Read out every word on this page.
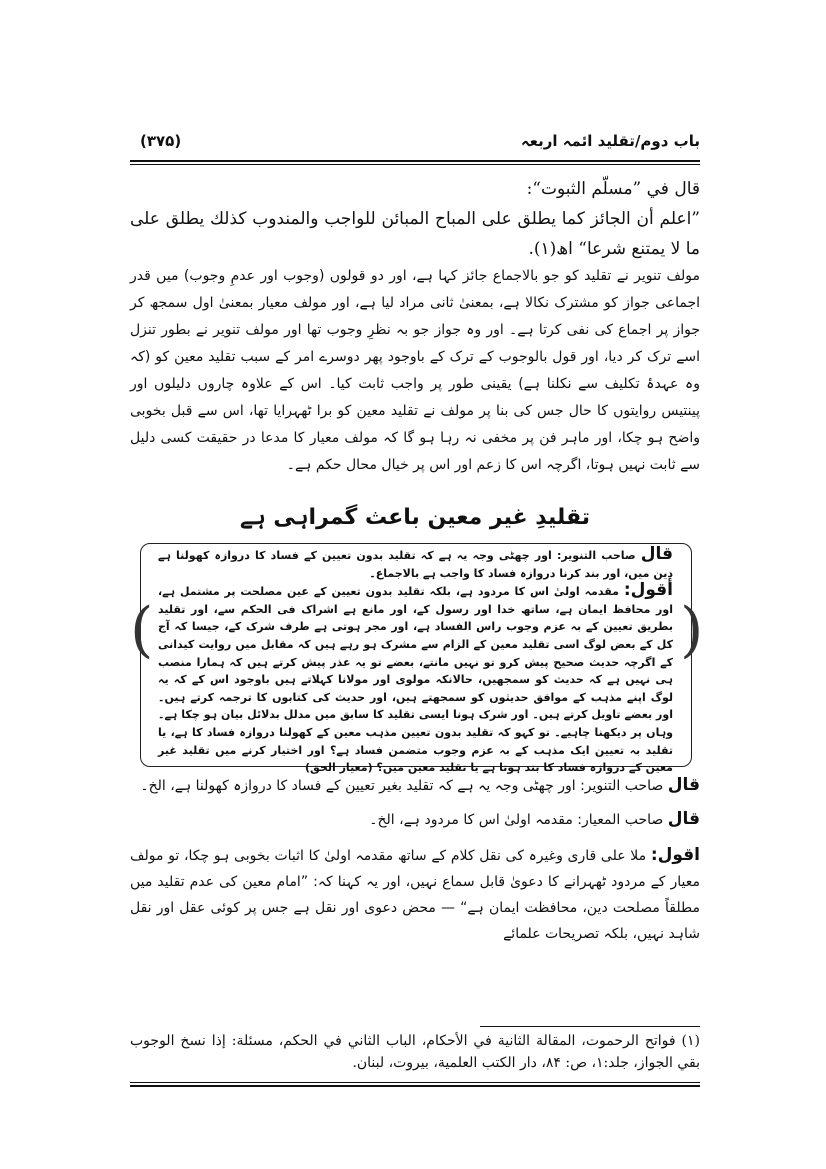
باب دوم/تقلید ائمہ اربعہ
(۳۷۵)
قال في ”مسلّم الثبوت“:
”اعلم أن الجائز كما يطلق على المباح المبائن للواجب والمندوب كذلك يطلق على ما لا يمتنع شرعا“ اھ(۱).
مولف تنویر نے تقلید کو جو بالاجماع جائز کہا ہے، اور دو قولوں (وجوب اور عدمِ وجوب) میں قدر اجماعی جواز کو مشترک نکالا ہے، بمعنیٰ ثانی مراد لیا ہے، اور مولف معیار بمعنیٰ اول سمجھ کر جواز پر اجماع کی نفی کرتا ہے۔ اور وہ جواز جو بہ نظرِ وجوب تھا اور مولف تنویر نے بطور تنزل اسے ترک کر دیا، اور قول بالوجوب کے ترک کے باوجود پھر دوسرے امر کے سبب تقلید معین کو (کہ وہ عہدۂ تکلیف سے نکلنا ہے) یقینی طور پر واجب ثابت کیا۔ اس کے علاوہ چاروں دلیلوں اور پینتیس روایتوں کا حال جس کی بنا پر مولف نے تقلید معین کو برا ٹھہرایا تھا، اس سے قبل بخوبی واضح ہو چکا، اور ماہر فن پر مخفی نہ رہا ہو گا کہ مولف معیار کا مدعا در حقیقت کسی دلیل سے ثابت نہیں ہوتا، اگرچہ اس کا زعم اور اس پر خیال محال حکم ہے۔
تقلیدِ غیر معین باعث گمراہی ہے
(	)
قال صاحب التنویر: اور چھٹی وجہ یہ ہے کہ تقلید بدون تعیین کے فساد کا دروازہ کھولنا ہے دین میں، اور بند کرنا دروازہ فساد کا واجب ہے بالاجماع۔
أقول: مقدمہ اولیٰ اس کا مردود ہے، بلکہ تقلید بدون تعیین کے عین مصلحت پر مشتمل ہے، اور محافظ ایمان ہے، ساتھ خدا اور رسول کے، اور مانع ہے اشراک فی الحکم سے، اور تقلید بطریق تعیین کے بہ عزم وجوب راس الفساد ہے، اور مجر ہوتی ہے طرف شرک کے، جیسا کہ آج کل کے بعض لوگ اسی تقلید معین کے الزام سے مشرک ہو رہے ہیں کہ مقابل میں روایت کیدانی کے اگرچہ حدیث صحیح پیش کرو تو نہیں مانتے، بعضے تو یہ عذر پیش کرتے ہیں کہ ہمارا منصب ہی نہیں ہے کہ حدیث کو سمجھیں، حالانکہ مولوی اور مولانا کہلاتے ہیں باوجود اس کے کہ یہ لوگ اپنے مذہب کے موافق حدیثوں کو سمجھتے ہیں، اور حدیث کی کتابوں کا ترجمہ کرتے ہیں۔ اور بعضے تاویل کرتے ہیں۔ اور شرک ہونا ایسی تقلید کا سابق میں مدلل بدلائل بیان ہو چکا ہے۔ وہاں پر دیکھنا چاہیے۔ تو کہو کہ تقلید بدون تعیین مذہب معین کے کھولنا دروازہ فساد کا ہے، یا تقلید بہ تعیین ایک مذہب کے بہ عزم وجوب متضمن فساد ہے؟ اور اختیار کرنے میں تقلید غیر معین کے دروازہ فساد کا بند ہوتا ہے یا تقلید معین میں؟ (معیار الحق)
قال صاحب التنویر: اور چھٹی وجہ یہ ہے کہ تقلید بغیر تعیین کے فساد کا دروازہ کھولنا ہے، الخ۔
قال صاحب المعیار: مقدمہ اولیٰ اس کا مردود ہے، الخ۔
اقول: ملا علی قاری وغیرہ کی نقل کلام کے ساتھ مقدمہ اولیٰ کا اثبات بخوبی ہو چکا، تو مولف معیار کے مردود ٹھہرانے کا دعویٰ قابل سماع نہیں، اور یہ کہنا کہ: ”امام معین کی عدم تقلید میں مطلقاً مصلحت دین، محافظت ایمان ہے“ — محض دعوی اور نقل ہے جس پر کوئی عقل اور نقل شاہد نہیں، بلکہ تصریحات علمائے
(۱) فواتح الرحموت، المقالة الثانية في الأحكام، الباب الثاني في الحكم، مسئلة: إذا نسخ الوجوب بقي الجواز، جلد:۱، ص: ۸۴، دار الكتب العلمية، بيروت، لبنان.
